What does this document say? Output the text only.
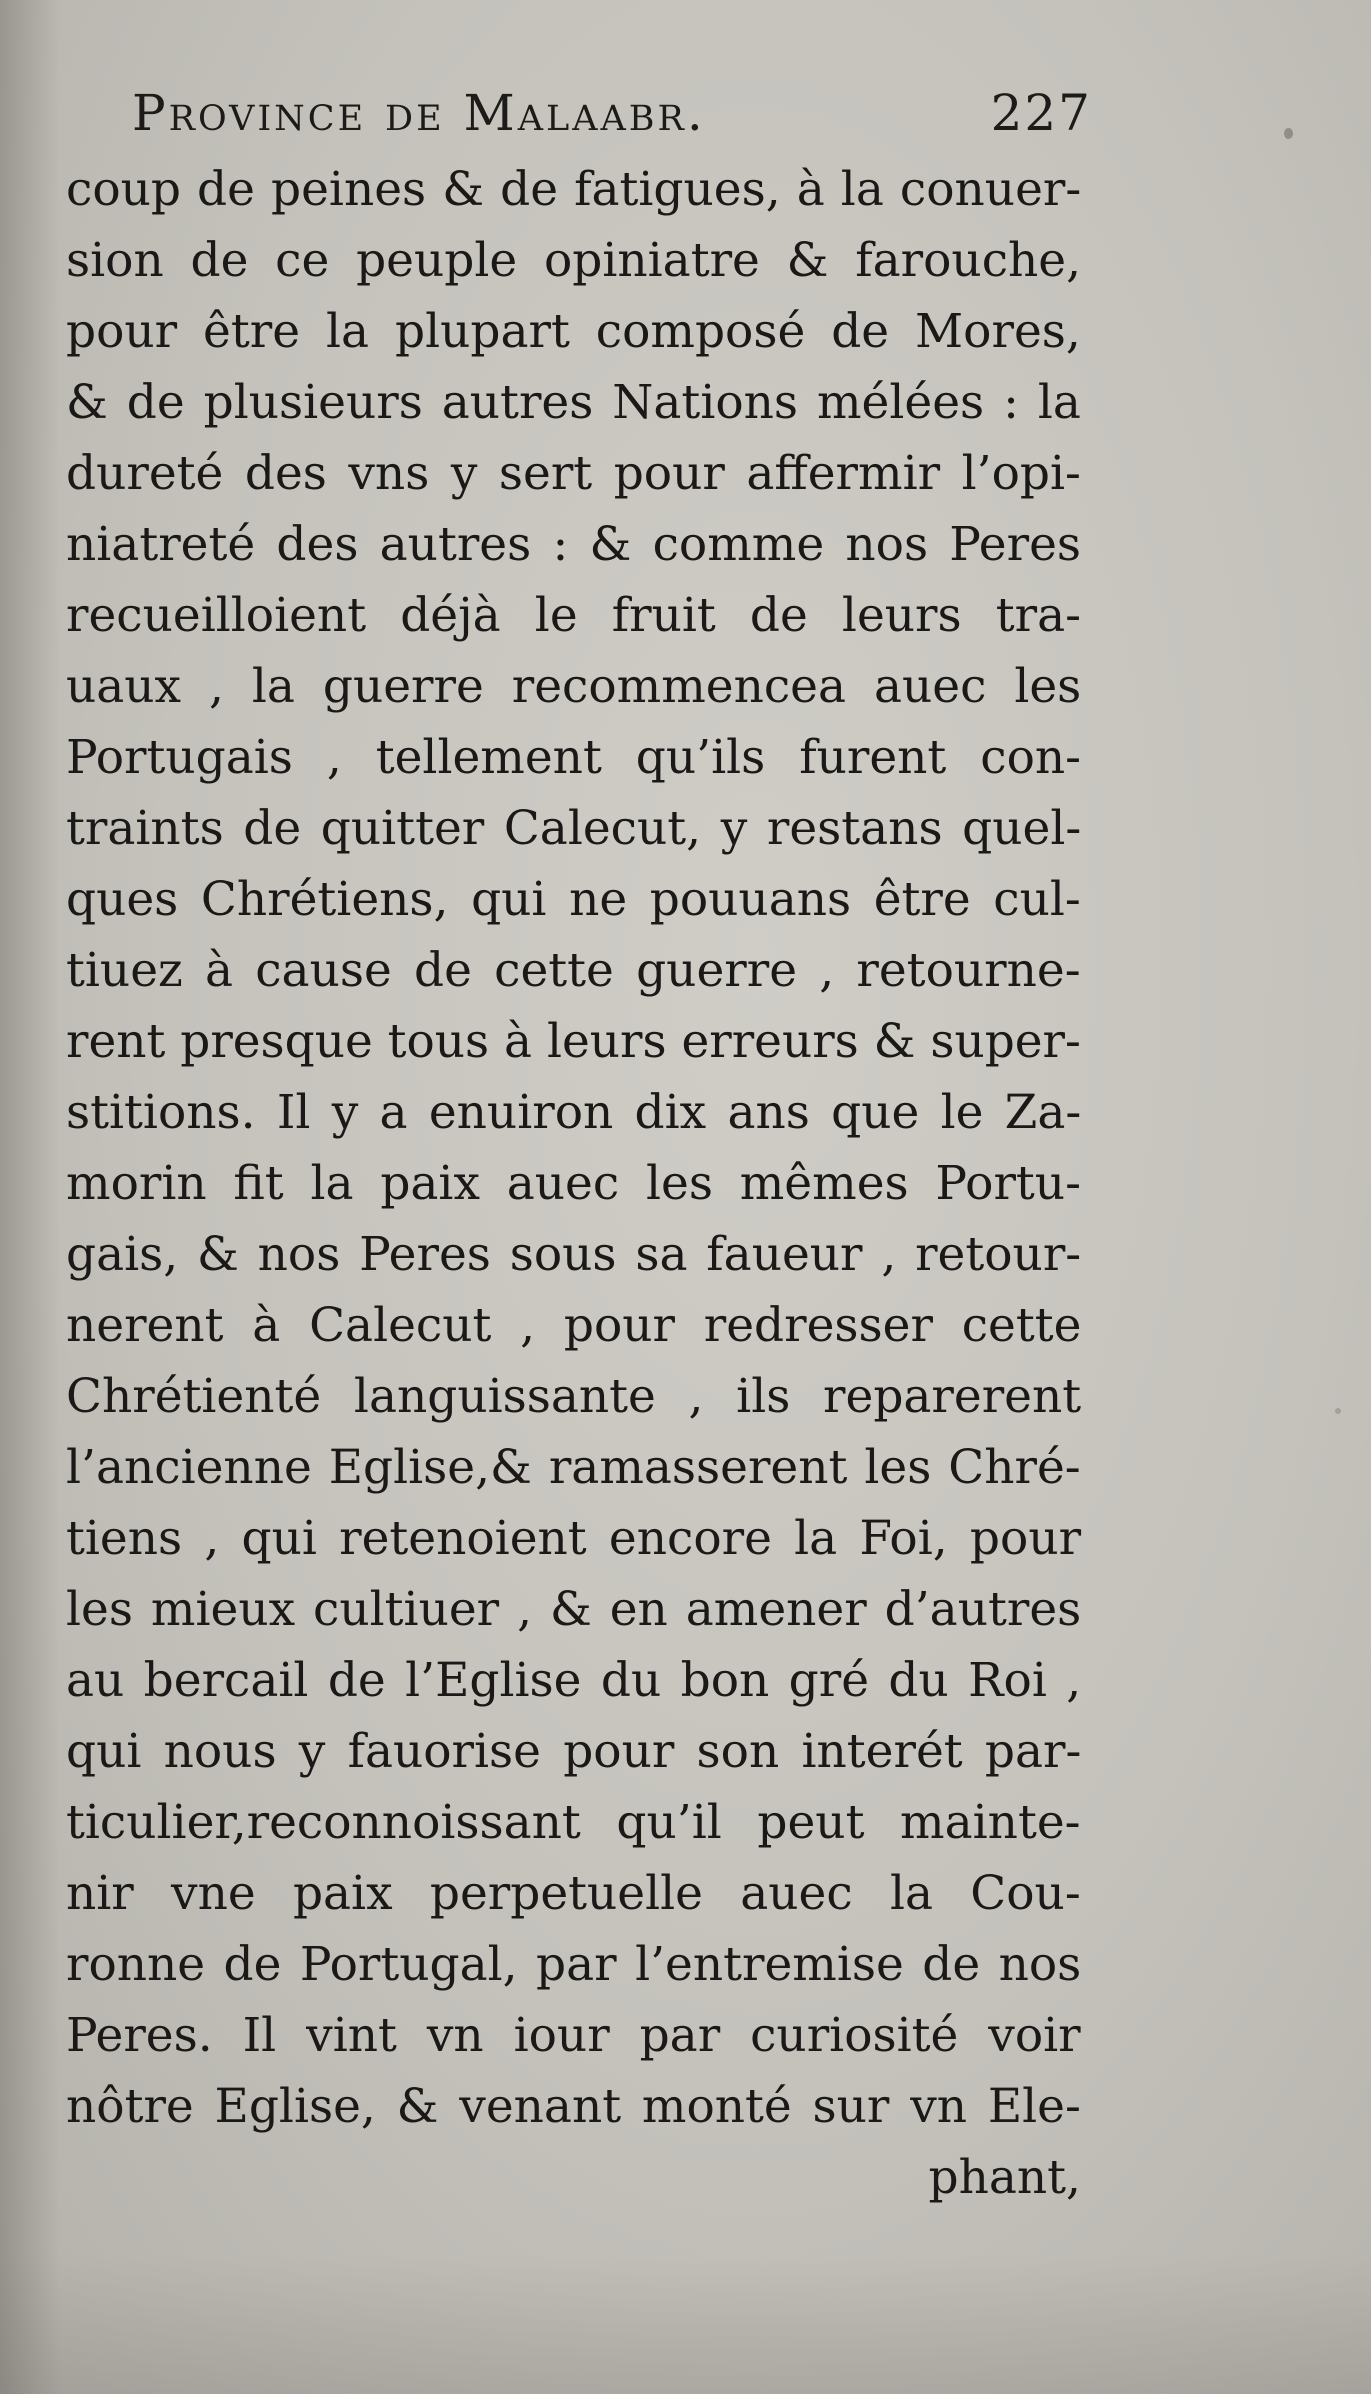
Province de Malaabr.	227
coup de peines & de fatigues, à la conuer-
sion de ce peuple opiniatre & farouche,
pour être la plupart composé de Mores,
& de plusieurs autres Nations mélées : la
dureté des vns y sert pour affermir l’opi-
niatreté des autres : & comme nos Peres
recueilloient déjà le fruit de leurs tra-
uaux , la guerre recommencea auec les
Portugais , tellement qu’ils furent con-
traints de quitter Calecut, y restans quel-
ques Chrétiens, qui ne pouuans être cul-
tiuez à cause de cette guerre , retourne-
rent presque tous à leurs erreurs & super-
stitions. Il y a enuiron dix ans que le Za-
morin fit la paix auec les mêmes Portu-
gais, & nos Peres sous sa faueur , retour-
nerent à Calecut , pour redresser cette
Chrétienté languissante , ils reparerent
l’ancienne Eglise,& ramasserent les Chré-
tiens , qui retenoient encore la Foi, pour
les mieux cultiuer , & en amener d’autres
au bercail de l’Eglise du bon gré du Roi ,
qui nous y fauorise pour son interét par-
ticulier,reconnoissant qu’il peut mainte-
nir vne paix perpetuelle auec la Cou-
ronne de Portugal, par l’entremise de nos
Peres. Il vint vn iour par curiosité voir
nôtre Eglise, & venant monté sur vn Ele-
phant,
